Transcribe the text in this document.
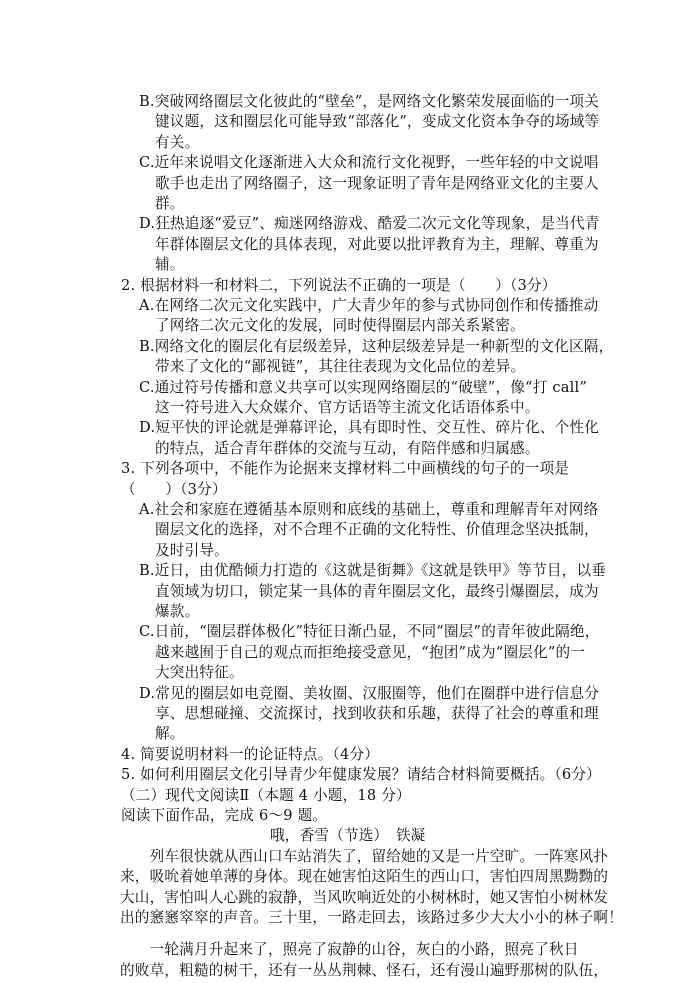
B.突破网络圈层文化彼此的“壁垒”，是网络文化繁荣发展面临的一项关
键议题，这和圈层化可能导致“部落化”，变成文化资本争夺的场域等
有关。
C.近年来说唱文化逐渐进入大众和流行文化视野，一些年轻的中文说唱
歌手也走出了网络圈子，这一现象证明了青年是网络亚文化的主要人
群。
D.狂热追逐“爱豆”、痴迷网络游戏、酷爱二次元文化等现象，是当代青
年群体圈层文化的具体表现，对此要以批评教育为主，理解、尊重为
辅。
2. 根据材料一和材料二，下列说法不正确的一项是（　　）（3分）
A.在网络二次元文化实践中，广大青少年的参与式协同创作和传播推动
了网络二次元文化的发展，同时使得圈层内部关系紧密。
B.网络文化的圈层化有层级差异，这种层级差异是一种新型的文化区隔，
带来了文化的“鄙视链”，其往往表现为文化品位的差异。
C.通过符号传播和意义共享可以实现网络圈层的“破壁”，像“打 call”
这一符号进入大众媒介、官方话语等主流文化话语体系中。
D.短平快的评论就是弹幕评论，具有即时性、交互性、碎片化、个性化
的特点，适合青年群体的交流与互动，有陪伴感和归属感。
3. 下列各项中，不能作为论据来支撑材料二中画横线的句子的一项是
（　　）（3分）
A.社会和家庭在遵循基本原则和底线的基础上，尊重和理解青年对网络
圈层文化的选择，对不合理不正确的文化特性、价值理念坚决抵制，
及时引导。
B.近日，由优酷倾力打造的《这就是街舞》《这就是铁甲》等节目，以垂
直领域为切口，锁定某一具体的青年圈层文化，最终引爆圈层，成为
爆款。
C.日前，“圈层群体极化”特征日渐凸显，不同“圈层”的青年彼此隔绝，
越来越囿于自己的观点而拒绝接受意见，“抱团”成为“圈层化”的一
大突出特征。
D.常见的圈层如电竞圈、美妆圈、汉服圈等，他们在圈群中进行信息分
享、思想碰撞、交流探讨，找到收获和乐趣，获得了社会的尊重和理
解。
4. 简要说明材料一的论证特点。（4分）
5. 如何利用圈层文化引导青少年健康发展？请结合材料简要概括。（6分）
（二）现代文阅读Ⅱ（本题 4 小题，18 分）
阅读下面作品，完成 6～9 题。
哦，香雪（节选）　铁凝
　　列车很快就从西山口车站消失了，留给她的又是一片空旷。一阵寒风扑
来，吸吮着她单薄的身体。现在她害怕这陌生的西山口，害怕四周黑黝黝的
大山，害怕叫人心跳的寂静，当风吹响近处的小树林时，她又害怕小树林发
出的窸窸窣窣的声音。三十里，一路走回去，该路过多少大大小小的林子啊！
　　一轮满月升起来了，照亮了寂静的山谷，灰白的小路，照亮了秋日
的败草，粗糙的树干，还有一丛丛荆棘、怪石，还有漫山遍野那树的队伍，
